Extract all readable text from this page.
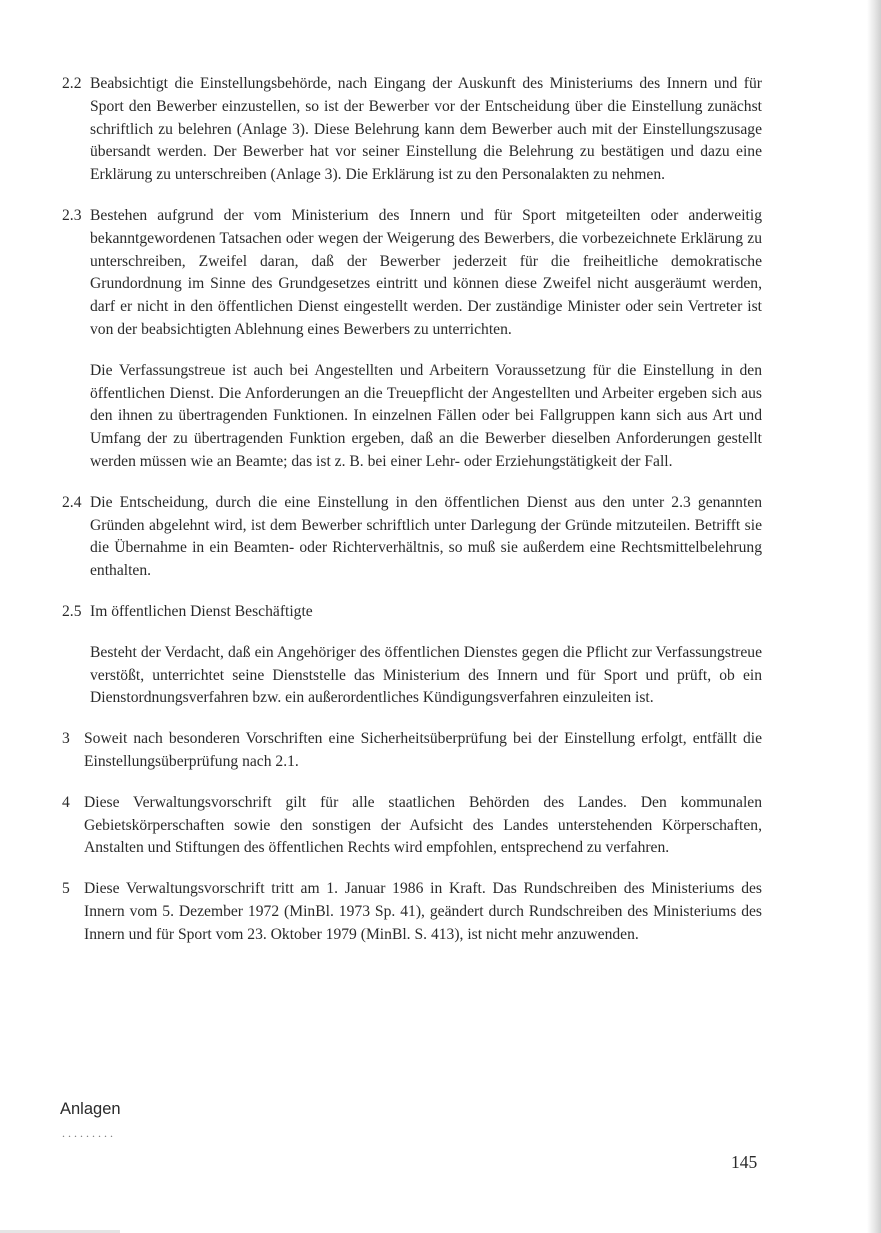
2.2 Beabsichtigt die Einstellungsbehörde, nach Eingang der Auskunft des Ministeriums des Innern und für Sport den Bewerber einzustellen, so ist der Bewerber vor der Entscheidung über die Einstellung zunächst schriftlich zu belehren (Anlage 3). Diese Belehrung kann dem Bewerber auch mit der Einstellungszusage übersandt werden. Der Bewerber hat vor seiner Einstellung die Belehrung zu bestätigen und dazu eine Erklärung zu unterschreiben (Anlage 3). Die Erklärung ist zu den Personalakten zu nehmen.

2.3 Bestehen aufgrund der vom Ministerium des Innern und für Sport mitgeteilten oder anderweitig bekanntgewordenen Tatsachen oder wegen der Weigerung des Bewerbers, die vorbezeichnete Erklärung zu unterschreiben, Zweifel daran, daß der Bewerber jederzeit für die freiheitliche demokratische Grundordnung im Sinne des Grundgesetzes eintritt und können diese Zweifel nicht ausgeräumt werden, darf er nicht in den öffentlichen Dienst eingestellt werden. Der zuständige Minister oder sein Vertreter ist von der beabsichtigten Ablehnung eines Bewerbers zu unterrichten.

Die Verfassungstreue ist auch bei Angestellten und Arbeitern Voraussetzung für die Einstellung in den öffentlichen Dienst. Die Anforderungen an die Treuepflicht der Angestellten und Arbeiter ergeben sich aus den ihnen zu übertragenden Funktionen. In einzelnen Fällen oder bei Fallgruppen kann sich aus Art und Umfang der zu übertragenden Funktion ergeben, daß an die Bewerber dieselben Anforderungen gestellt werden müssen wie an Beamte; das ist z. B. bei einer Lehr- oder Erziehungstätigkeit der Fall.

2.4 Die Entscheidung, durch die eine Einstellung in den öffentlichen Dienst aus den unter 2.3 genannten Gründen abgelehnt wird, ist dem Bewerber schriftlich unter Darlegung der Gründe mitzuteilen. Betrifft sie die Übernahme in ein Beamten- oder Richterverhältnis, so muß sie außerdem eine Rechtsmittelbelehrung enthalten.

2.5 Im öffentlichen Dienst Beschäftigte

Besteht der Verdacht, daß ein Angehöriger des öffentlichen Dienstes gegen die Pflicht zur Verfassungstreue verstößt, unterrichtet seine Dienststelle das Ministerium des Innern und für Sport und prüft, ob ein Dienstordnungsverfahren bzw. ein außerordentliches Kündigungsverfahren einzuleiten ist.

3 Soweit nach besonderen Vorschriften eine Sicherheitsüberprüfung bei der Einstellung erfolgt, entfällt die Einstellungsüberprüfung nach 2.1.

4 Diese Verwaltungsvorschrift gilt für alle staatlichen Behörden des Landes. Den kommunalen Gebietskörperschaften sowie den sonstigen der Aufsicht des Landes unterstehenden Körperschaften, Anstalten und Stiftungen des öffentlichen Rechts wird empfohlen, entsprechend zu verfahren.

5 Diese Verwaltungsvorschrift tritt am 1. Januar 1986 in Kraft. Das Rundschreiben des Ministeriums des Innern vom 5. Dezember 1972 (MinBl. 1973 Sp. 41), geändert durch Rundschreiben des Ministeriums des Innern und für Sport vom 23. Oktober 1979 (MinBl. S. 413), ist nicht mehr anzuwenden.

Anlagen
.........
145
